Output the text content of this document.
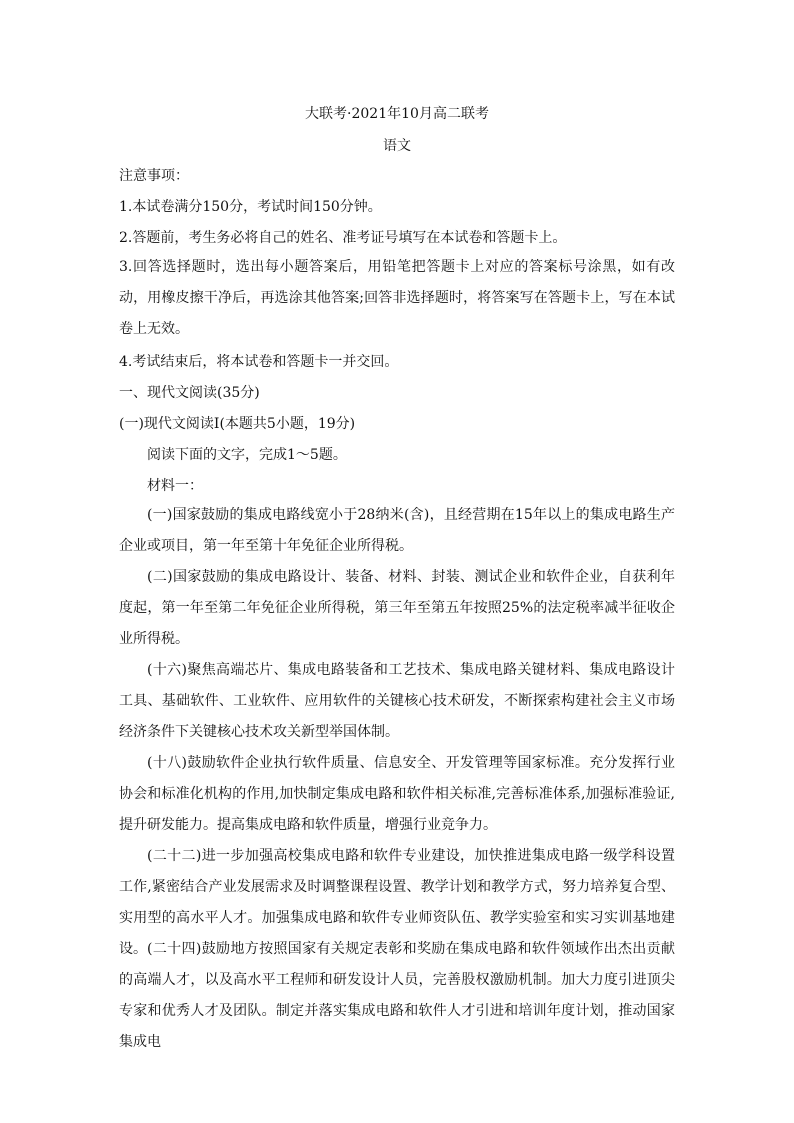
大联考·2021年10月高二联考
语文
注意事项：
1.本试卷满分150分，考试时间150分钟。
2.答题前，考生务必将自己的姓名、准考证号填写在本试卷和答题卡上。
3.回答选择题时，选出每小题答案后，用铅笔把答题卡上对应的答案标号涂黑，如有改动，用橡皮擦干净后，再选涂其他答案;回答非选择题时，将答案写在答题卡上，写在本试卷上无效。
4.考试结束后，将本试卷和答题卡一并交回。
一、现代文阅读(35分)
(一)现代文阅读I(本题共5小题，19分)
阅读下面的文字，完成1～5题。
材料一：
(一)国家鼓励的集成电路线宽小于28纳米(含)，且经营期在15年以上的集成电路生产企业或项目，第一年至第十年免征企业所得税。
(二)国家鼓励的集成电路设计、装备、材料、封装、测试企业和软件企业，自获利年度起，第一年至第二年免征企业所得税，第三年至第五年按照25%的法定税率减半征收企业所得税。
(十六)聚焦高端芯片、集成电路装备和工艺技术、集成电路关键材料、集成电路设计工具、基础软件、工业软件、应用软件的关键核心技术研发，不断探索构建社会主义市场经济条件下关键核心技术攻关新型举国体制。
(十八)鼓励软件企业执行软件质量、信息安全、开发管理等国家标准。充分发挥行业协会和标准化机构的作用,加快制定集成电路和软件相关标准,完善标准体系,加强标准验证,提升研发能力。提高集成电路和软件质量，增强行业竞争力。
(二十二)进一步加强高校集成电路和软件专业建设，加快推进集成电路一级学科设置工作,紧密结合产业发展需求及时调整课程设置、教学计划和教学方式，努力培养复合型、实用型的高水平人才。加强集成电路和软件专业师资队伍、教学实验室和实习实训基地建设。 (二十四)鼓励地方按照国家有关规定表彰和奖励在集成电路和软件领域作出杰出贡献的高端人才，以及高水平工程师和研发设计人员，完善股权激励机制。加大力度引进顶尖专家和优秀人才及团队。制定并落实集成电路和软件人才引进和培训年度计划，推动国家集成电
